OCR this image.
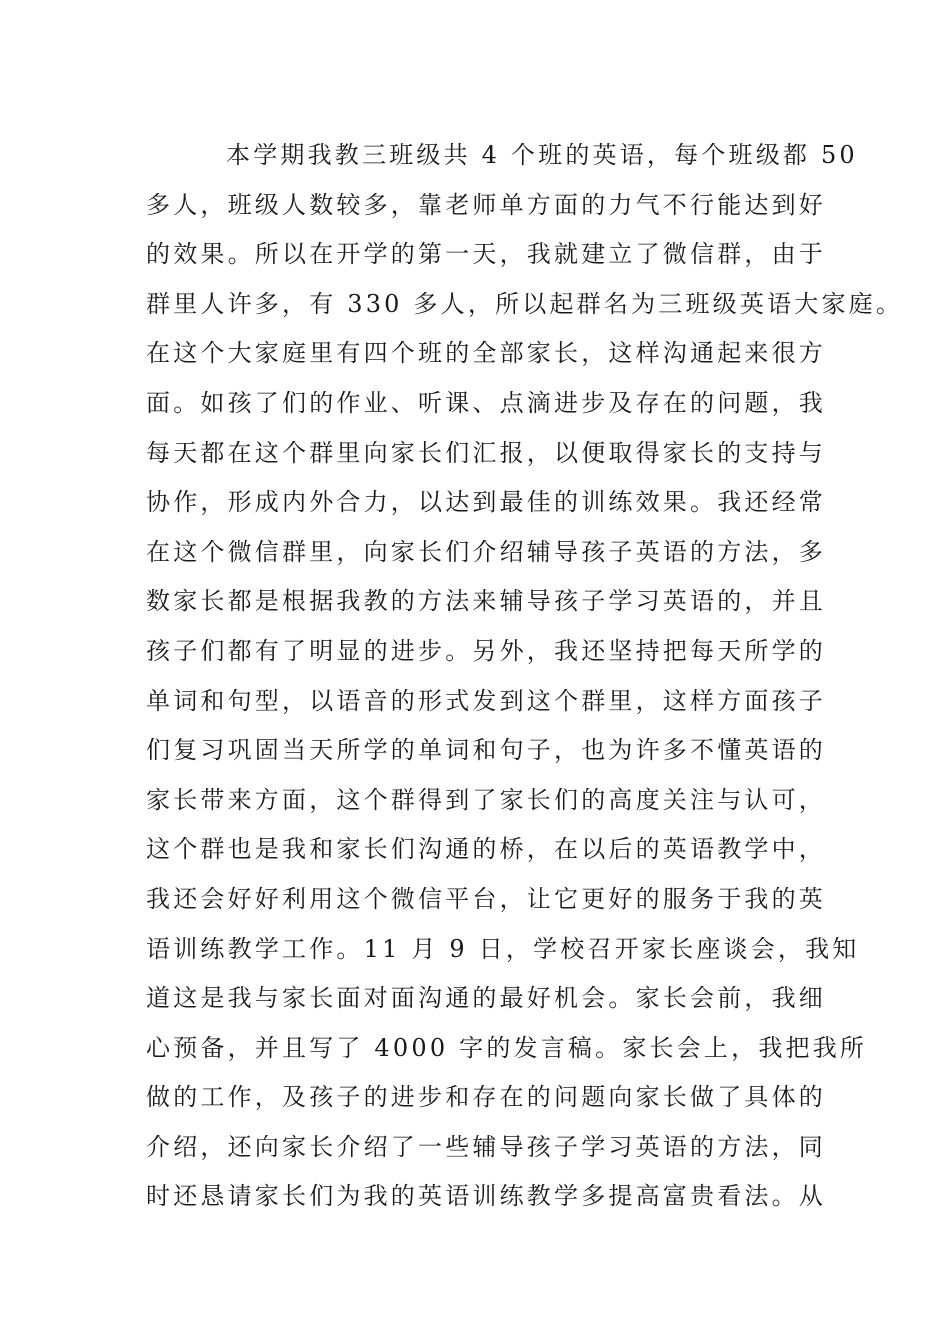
本学期我教三班级共 4 个班的英语，每个班级都 50
多人，班级人数较多，靠老师单方面的力气不行能达到好
的效果。所以在开学的第一天，我就建立了微信群，由于
群里人许多，有 330 多人，所以起群名为三班级英语大家庭。
在这个大家庭里有四个班的全部家长，这样沟通起来很方
面。如孩了们的作业、听课、点滴进步及存在的问题，我
每天都在这个群里向家长们汇报，以便取得家长的支持与
协作，形成内外合力，以达到最佳的训练效果。我还经常
在这个微信群里，向家长们介绍辅导孩子英语的方法，多
数家长都是根据我教的方法来辅导孩子学习英语的，并且
孩子们都有了明显的进步。另外，我还坚持把每天所学的
单词和句型，以语音的形式发到这个群里，这样方面孩子
们复习巩固当天所学的单词和句子，也为许多不懂英语的
家长带来方面，这个群得到了家长们的高度关注与认可，
这个群也是我和家长们沟通的桥，在以后的英语教学中，
我还会好好利用这个微信平台，让它更好的服务于我的英
语训练教学工作。11 月 9 日，学校召开家长座谈会，我知
道这是我与家长面对面沟通的最好机会。家长会前，我细
心预备，并且写了 4000 字的发言稿。家长会上，我把我所
做的工作，及孩子的进步和存在的问题向家长做了具体的
介绍，还向家长介绍了一些辅导孩子学习英语的方法，同
时还恳请家长们为我的英语训练教学多提高富贵看法。从
